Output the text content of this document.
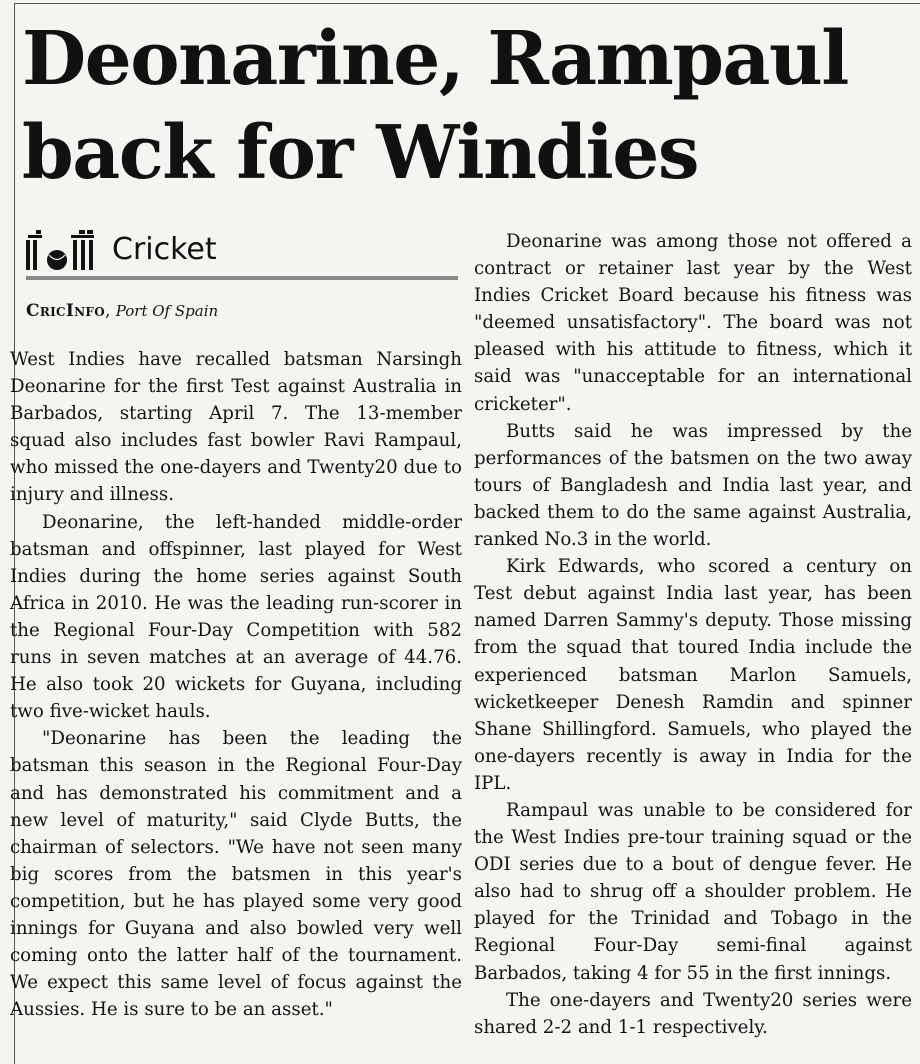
Deonarine, Rampaul back for Windies
Cricket
CricInfo, Port Of Spain

West Indies have recalled batsman Narsingh Deonarine for the first Test against Australia in Barbados, starting April 7. The 13-member squad also includes fast bowler Ravi Rampaul, who missed the one-dayers and Twenty20 due to injury and illness.

Deonarine, the left-handed middle-order batsman and offspinner, last played for West Indies during the home series against South Africa in 2010. He was the leading run-scorer in the Regional Four-Day Competition with 582 runs in seven matches at an average of 44.76. He also took 20 wickets for Guyana, including two five-wicket hauls.

"Deonarine has been the leading the batsman this season in the Regional Four-Day and has demonstrated his commitment and a new level of maturity," said Clyde Butts, the chairman of selectors. "We have not seen many big scores from the batsmen in this year's competition, but he has played some very good innings for Guyana and also bowled very well coming onto the latter half of the tournament. We expect this same level of focus against the Aussies. He is sure to be an asset."

Deonarine was among those not offered a contract or retainer last year by the West Indies Cricket Board because his fitness was "deemed unsatisfactory". The board was not pleased with his attitude to fitness, which it said was "unacceptable for an international cricketer".

Butts said he was impressed by the performances of the batsmen on the two away tours of Bangladesh and India last year, and backed them to do the same against Australia, ranked No.3 in the world.

Kirk Edwards, who scored a century on Test debut against India last year, has been named Darren Sammy's deputy. Those missing from the squad that toured India include the experienced batsman Marlon Samuels, wicketkeeper Denesh Ramdin and spinner Shane Shillingford. Samuels, who played the one-dayers recently is away in India for the IPL.

Rampaul was unable to be considered for the West Indies pre-tour training squad or the ODI series due to a bout of dengue fever. He also had to shrug off a shoulder problem. He played for the Trinidad and Tobago in the Regional Four-Day semi-final against Barbados, taking 4 for 55 in the first innings.

The one-dayers and Twenty20 series were shared 2-2 and 1-1 respectively.
